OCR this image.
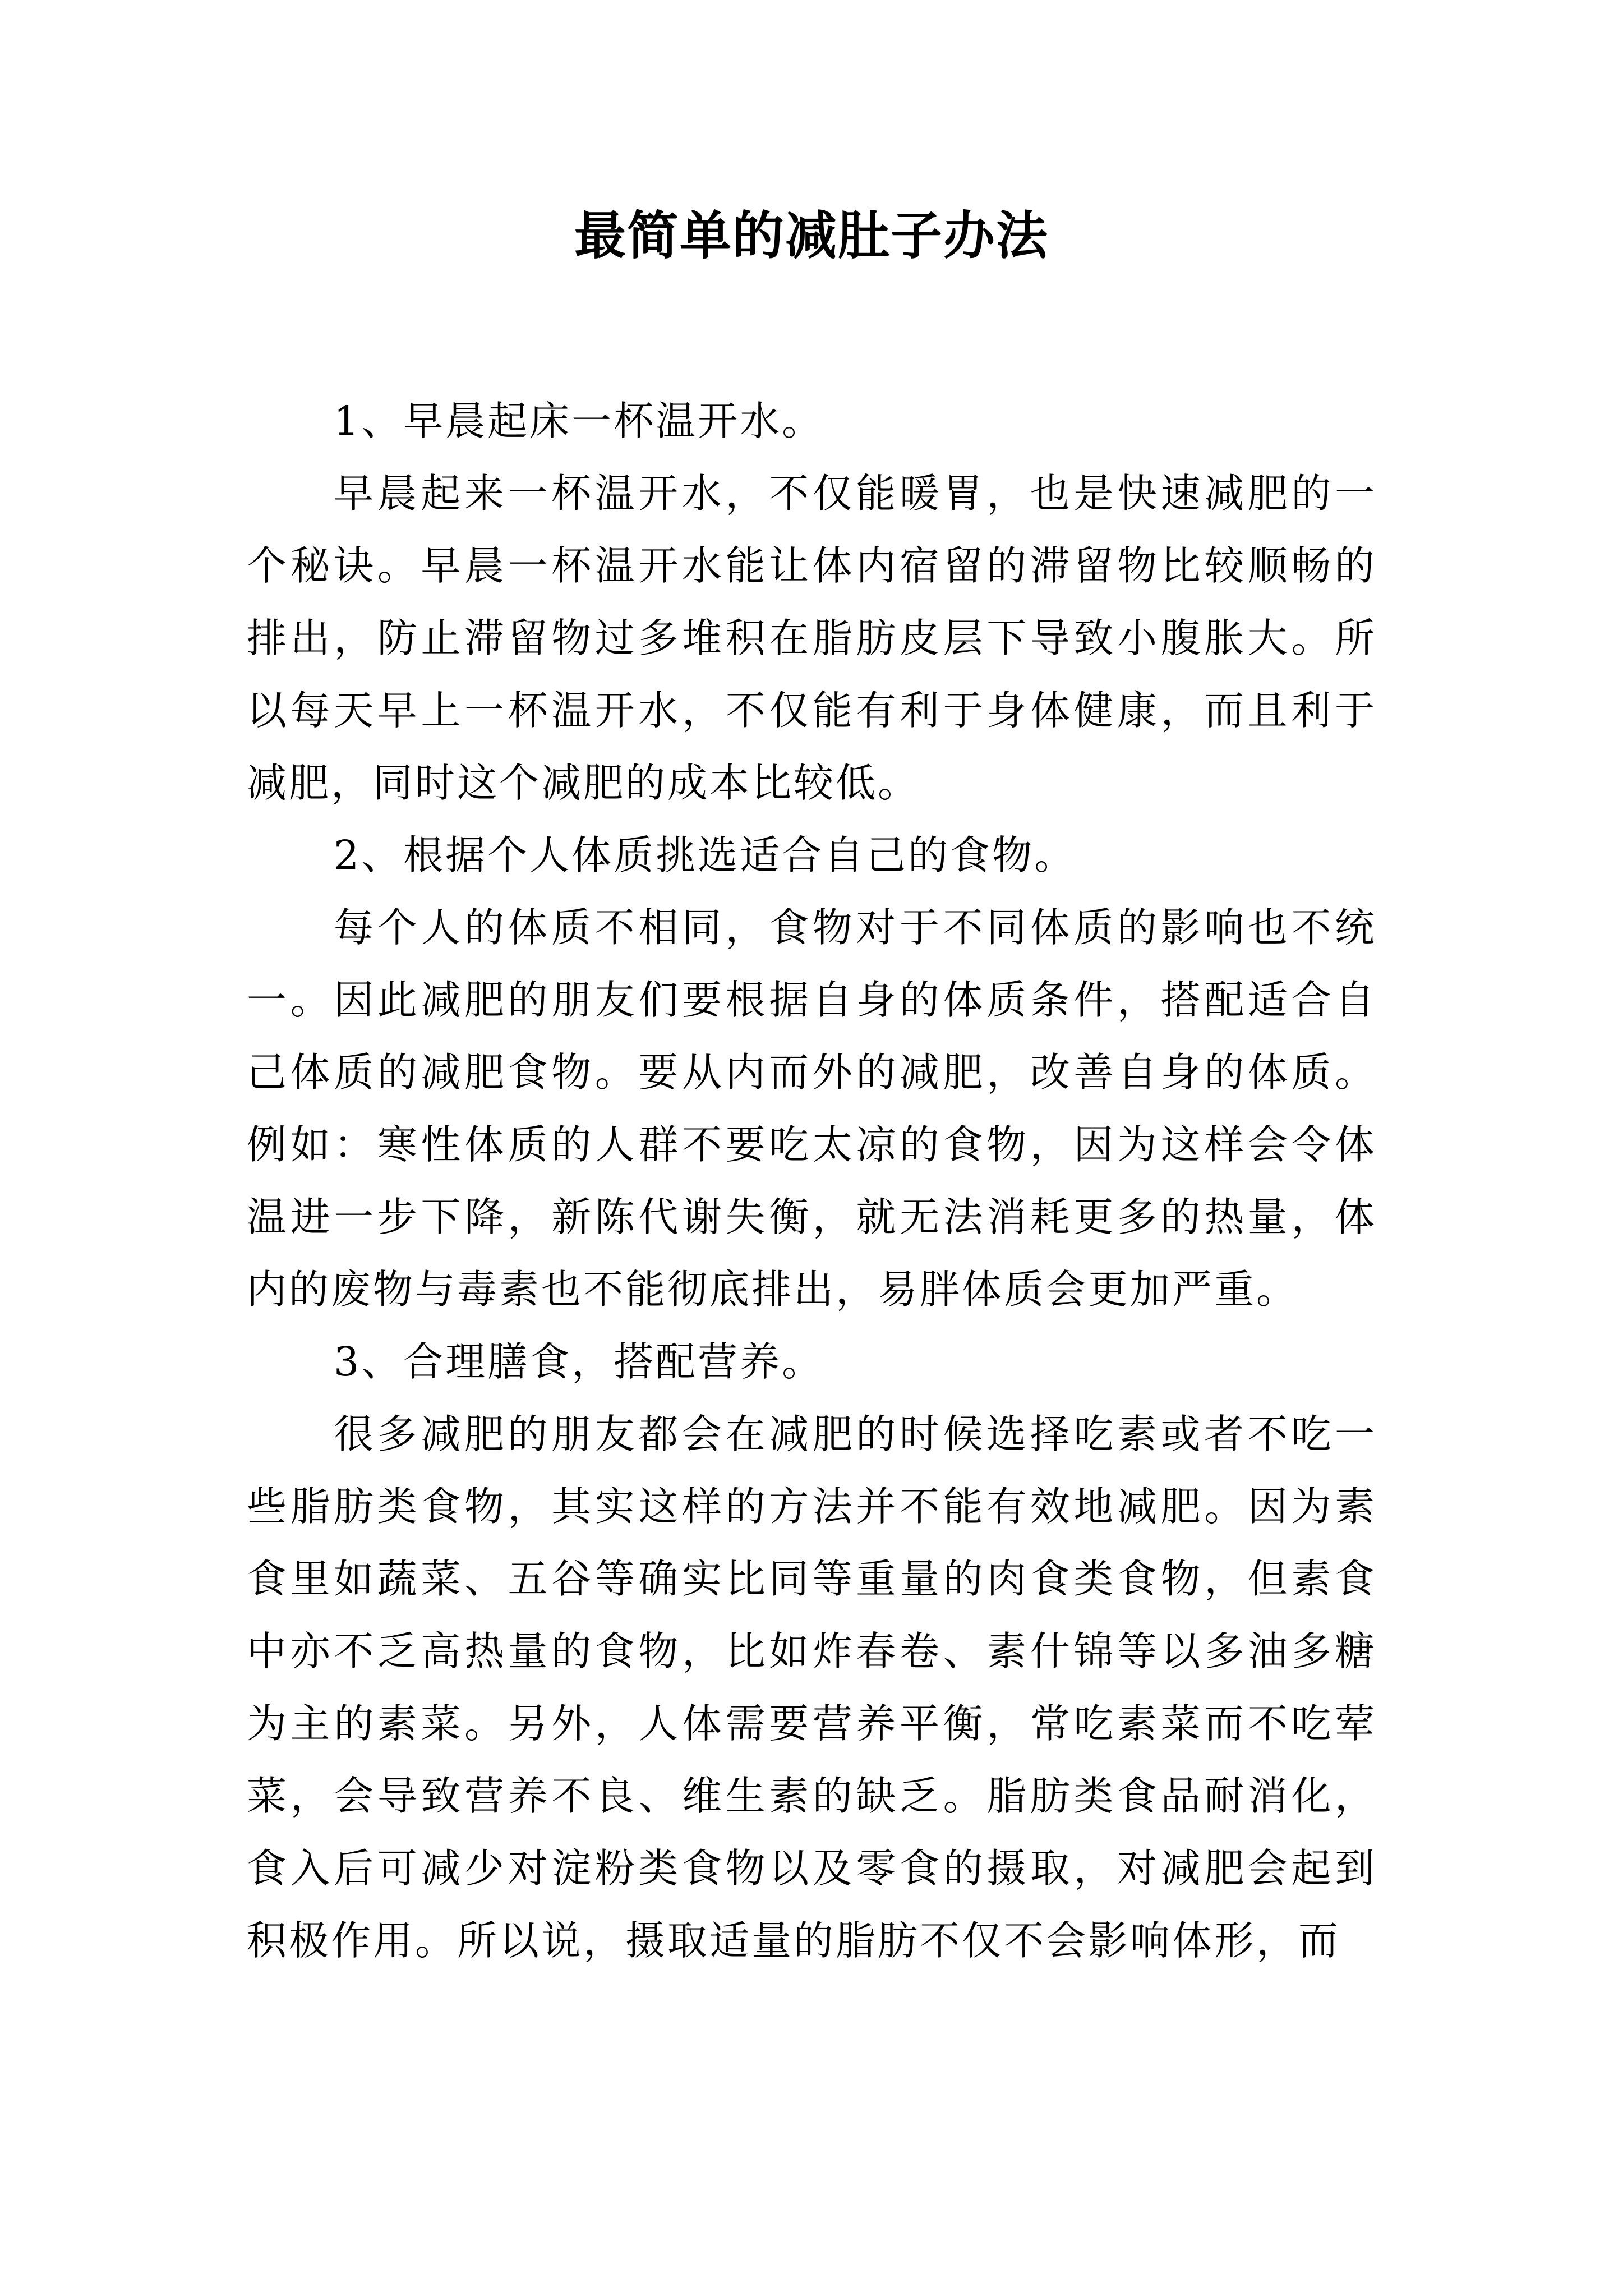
最简单的减肚子办法

1、早晨起床一杯温开水。

早晨起来一杯温开水，不仅能暖胃，也是快速减肥的一个秘诀。早晨一杯温开水能让体内宿留的滞留物比较顺畅的排出，防止滞留物过多堆积在脂肪皮层下导致小腹胀大。所以每天早上一杯温开水，不仅能有利于身体健康，而且利于减肥，同时这个减肥的成本比较低。

2、根据个人体质挑选适合自己的食物。

每个人的体质不相同，食物对于不同体质的影响也不统一。因此减肥的朋友们要根据自身的体质条件，搭配适合自己体质的减肥食物。要从内而外的减肥，改善自身的体质。例如：寒性体质的人群不要吃太凉的食物，因为这样会令体温进一步下降，新陈代谢失衡，就无法消耗更多的热量，体内的废物与毒素也不能彻底排出，易胖体质会更加严重。

3、合理膳食，搭配营养。

很多减肥的朋友都会在减肥的时候选择吃素或者不吃一些脂肪类食物，其实这样的方法并不能有效地减肥。因为素食里如蔬菜、五谷等确实比同等重量的肉食类食物，但素食中亦不乏高热量的食物，比如炸春卷、素什锦等以多油多糖为主的素菜。另外，人体需要营养平衡，常吃素菜而不吃荤菜，会导致营养不良、维生素的缺乏。脂肪类食品耐消化，食入后可减少对淀粉类食物以及零食的摄取，对减肥会起到积极作用。所以说，摄取适量的脂肪不仅不会影响体形，而
